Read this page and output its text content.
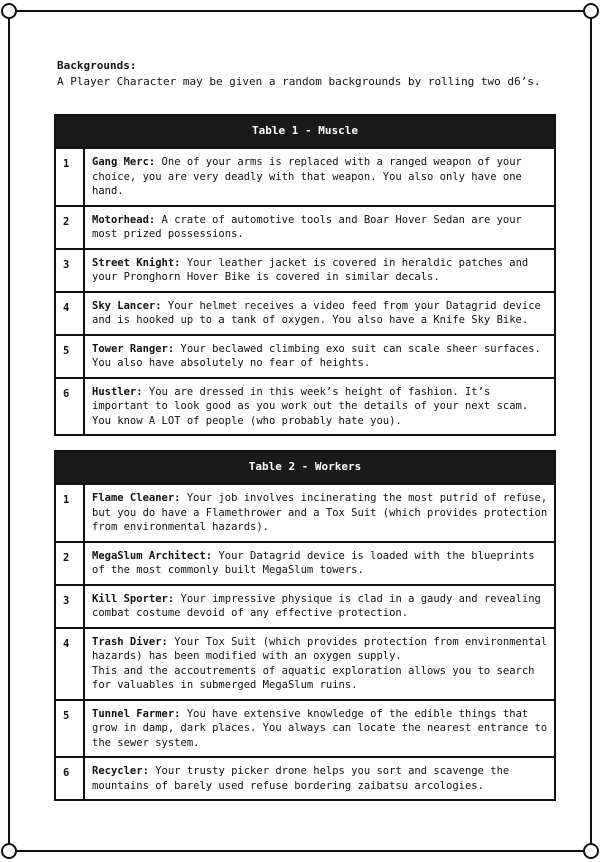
Backgrounds:
A Player Character may be given a random backgrounds by rolling two d6’s.
Table 1 - Muscle	
1	Gang Merc: One of your arms is replaced with a ranged weapon of your choice, you are very deadly with that weapon. You also only have one hand.

2	Motorhead: A crate of automotive tools and Boar Hover Sedan are your most prized possessions.

3	Street Knight: Your leather jacket is covered in heraldic patches and your Pronghorn Hover Bike is covered in similar decals.

4	Sky Lancer: Your helmet receives a video feed from your Datagrid device and is hooked up to a tank of oxygen. You also have a Knife Sky Bike.

5	Tower Ranger: Your beclawed climbing exo suit can scale sheer surfaces.
You also have absolutely no fear of heights.

6	Hustler: You are dressed in this week’s height of fashion. It’s important to look good as you work out the details of your next scam. You know A LOT of people (who probably hate you).
Table 2 - Workers	
1	Flame Cleaner: Your job involves incinerating the most putrid of refuse, but you do have a Flamethrower and a Tox Suit (which provides protection from environmental hazards).

2	MegaSlum Architect: Your Datagrid device is loaded with the blueprints of the most commonly built MegaSlum towers.

3	Kill Sporter: Your impressive physique is clad in a gaudy and revealing combat costume devoid of any effective protection.

4	Trash Diver: Your Tox Suit (which provides protection from environmental hazards) has been modified with an oxygen supply.
This and the accoutrements of aquatic exploration allows you to search for valuables in submerged MegaSlum ruins.

5	Tunnel Farmer: You have extensive knowledge of the edible things that grow in damp, dark places. You always can locate the nearest entrance to the sewer system.

6	Recycler: Your trusty picker drone helps you sort and scavenge the mountains of barely used refuse bordering zaibatsu arcologies.
